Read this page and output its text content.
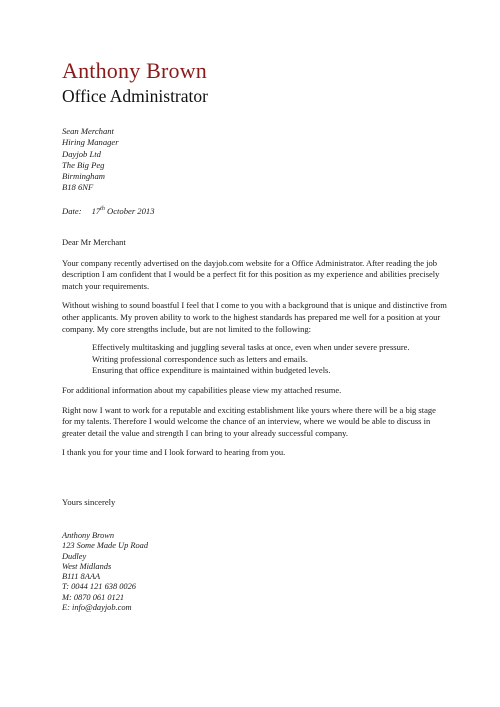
Anthony Brown
Office Administrator
Sean Merchant
Hiring Manager
Dayjob Ltd
The Big Peg
Birmingham
B18 6NF
Date: 17th October 2013

Dear Mr Merchant

Your company recently advertised on the dayjob.com website for a Office Administrator. After reading the job description I am confident that I would be a perfect fit for this position as my experience and abilities precisely match your requirements.

Without wishing to sound boastful I feel that I come to you with a background that is unique and distinctive from other applicants. My proven ability to work to the highest standards has prepared me well for a position at your company. My core strengths include, but are not limited to the following:

Effectively multitasking and juggling several tasks at once, even when under severe pressure.
Writing professional correspondence such as letters and emails.
Ensuring that office expenditure is maintained within budgeted levels.

For additional information about my capabilities please view my attached resume.

Right now I want to work for a reputable and exciting establishment like yours where there will be a big stage for my talents. Therefore I would welcome the chance of an interview, where we would be able to discuss in greater detail the value and strength I can bring to your already successful company.

I thank you for your time and I look forward to hearing from you.

Yours sincerely
Anthony Brown
123 Some Made Up Road
Dudley
West Midlands
B111 8AAA
T: 0044 121 638 0026
M: 0870 061 0121
E: info@dayjob.com
